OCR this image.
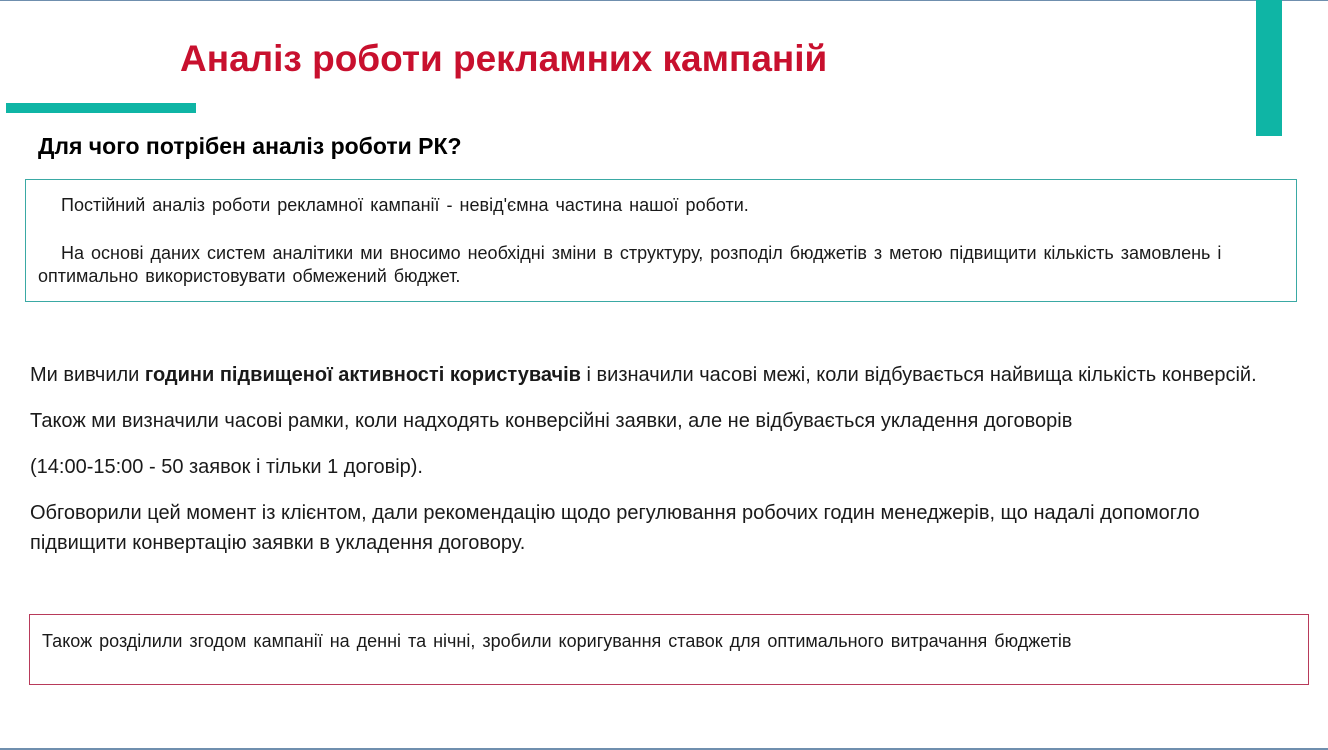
Аналіз роботи рекламних кампаній
Для чого потрібен аналіз роботи РК?

Постійний аналіз роботи рекламної кампанії - невід'ємна частина нашої роботи.

На основі даних систем аналітики ми вносимо необхідні зміни в структуру, розподіл бюджетів з метою підвищити кількість замовлень і оптимально використовувати обмежений бюджет.

Ми вивчили години підвищеної активності користувачів і визначили часові межі, коли відбувається найвища кількість конверсій.

Також ми визначили часові рамки, коли надходять конверсійні заявки, але не відбувається укладення договорів

(14:00-15:00 - 50 заявок і тільки 1 договір).

Обговорили цей момент із клієнтом, дали рекомендацію щодо регулювання робочих годин менеджерів, що надалі допомогло підвищити конвертацію заявки в укладення договору.

Також розділили згодом кампанії на денні та нічні, зробили коригування ставок для оптимального витрачання бюджетів
